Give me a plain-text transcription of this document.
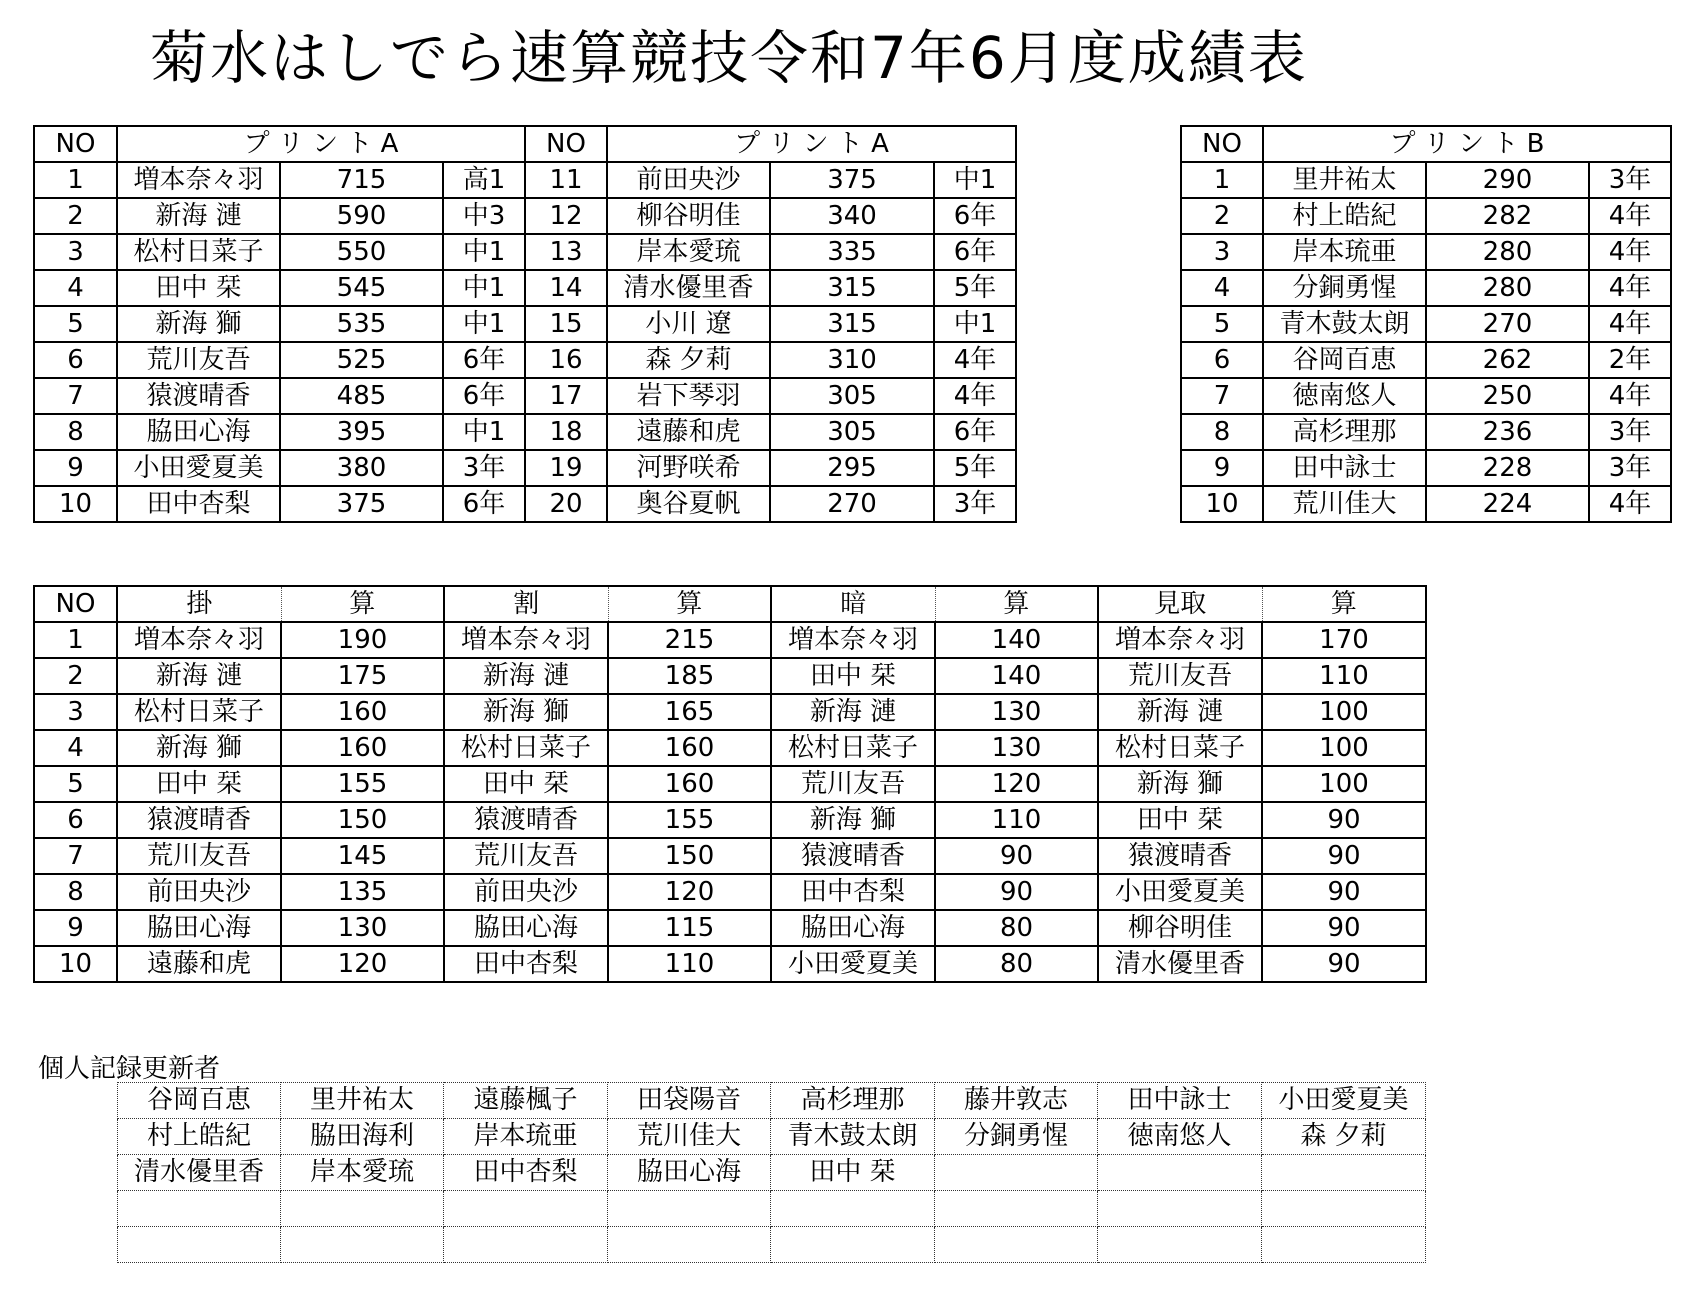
菊水はしでら速算競技令和7年6月度成績表
NO	プ リ ン ト A			NO	プ リ ン ト A		
1	増本奈々羽	715	高1	11	前田央沙	375	中1
2	新海 漣	590	中3	12	柳谷明佳	340	6年
3	松村日菜子	550	中1	13	岸本愛琉	335	6年
4	田中 栞	545	中1	14	清水優里香	315	5年
5	新海 獅	535	中1	15	小川 遼	315	中1
6	荒川友吾	525	6年	16	森 夕莉	310	4年
7	猿渡晴香	485	6年	17	岩下琴羽	305	4年
8	脇田心海	395	中1	18	遠藤和虎	305	6年
9	小田愛夏美	380	3年	19	河野咲希	295	5年
10	田中杏梨	375	6年	20	奥谷夏帆	270	3年
NO	プ リ ン ト B		
1	里井祐太	290	3年
2	村上皓紀	282	4年
3	岸本琉亜	280	4年
4	分銅勇惺	280	4年
5	青木鼓太朗	270	4年
6	谷岡百恵	262	2年
7	徳南悠人	250	4年
8	高杉理那	236	3年
9	田中詠士	228	3年
10	荒川佳大	224	4年
NO	掛	算	割	算	暗	算	見取	算
1	増本奈々羽	190	増本奈々羽	215	増本奈々羽	140	増本奈々羽	170
2	新海 漣	175	新海 漣	185	田中 栞	140	荒川友吾	110
3	松村日菜子	160	新海 獅	165	新海 漣	130	新海 漣	100
4	新海 獅	160	松村日菜子	160	松村日菜子	130	松村日菜子	100
5	田中 栞	155	田中 栞	160	荒川友吾	120	新海 獅	100
6	猿渡晴香	150	猿渡晴香	155	新海 獅	110	田中 栞	90
7	荒川友吾	145	荒川友吾	150	猿渡晴香	90	猿渡晴香	90
8	前田央沙	135	前田央沙	120	田中杏梨	90	小田愛夏美	90
9	脇田心海	130	脇田心海	115	脇田心海	80	柳谷明佳	90
10	遠藤和虎	120	田中杏梨	110	小田愛夏美	80	清水優里香	90
個人記録更新者
谷岡百恵	里井祐太	遠藤楓子	田袋陽音	高杉理那	藤井敦志	田中詠士	小田愛夏美
村上皓紀	脇田海利	岸本琉亜	荒川佳大	青木鼓太朗	分銅勇惺	徳南悠人	森 夕莉
清水優里香	岸本愛琉	田中杏梨	脇田心海	田中 栞			
